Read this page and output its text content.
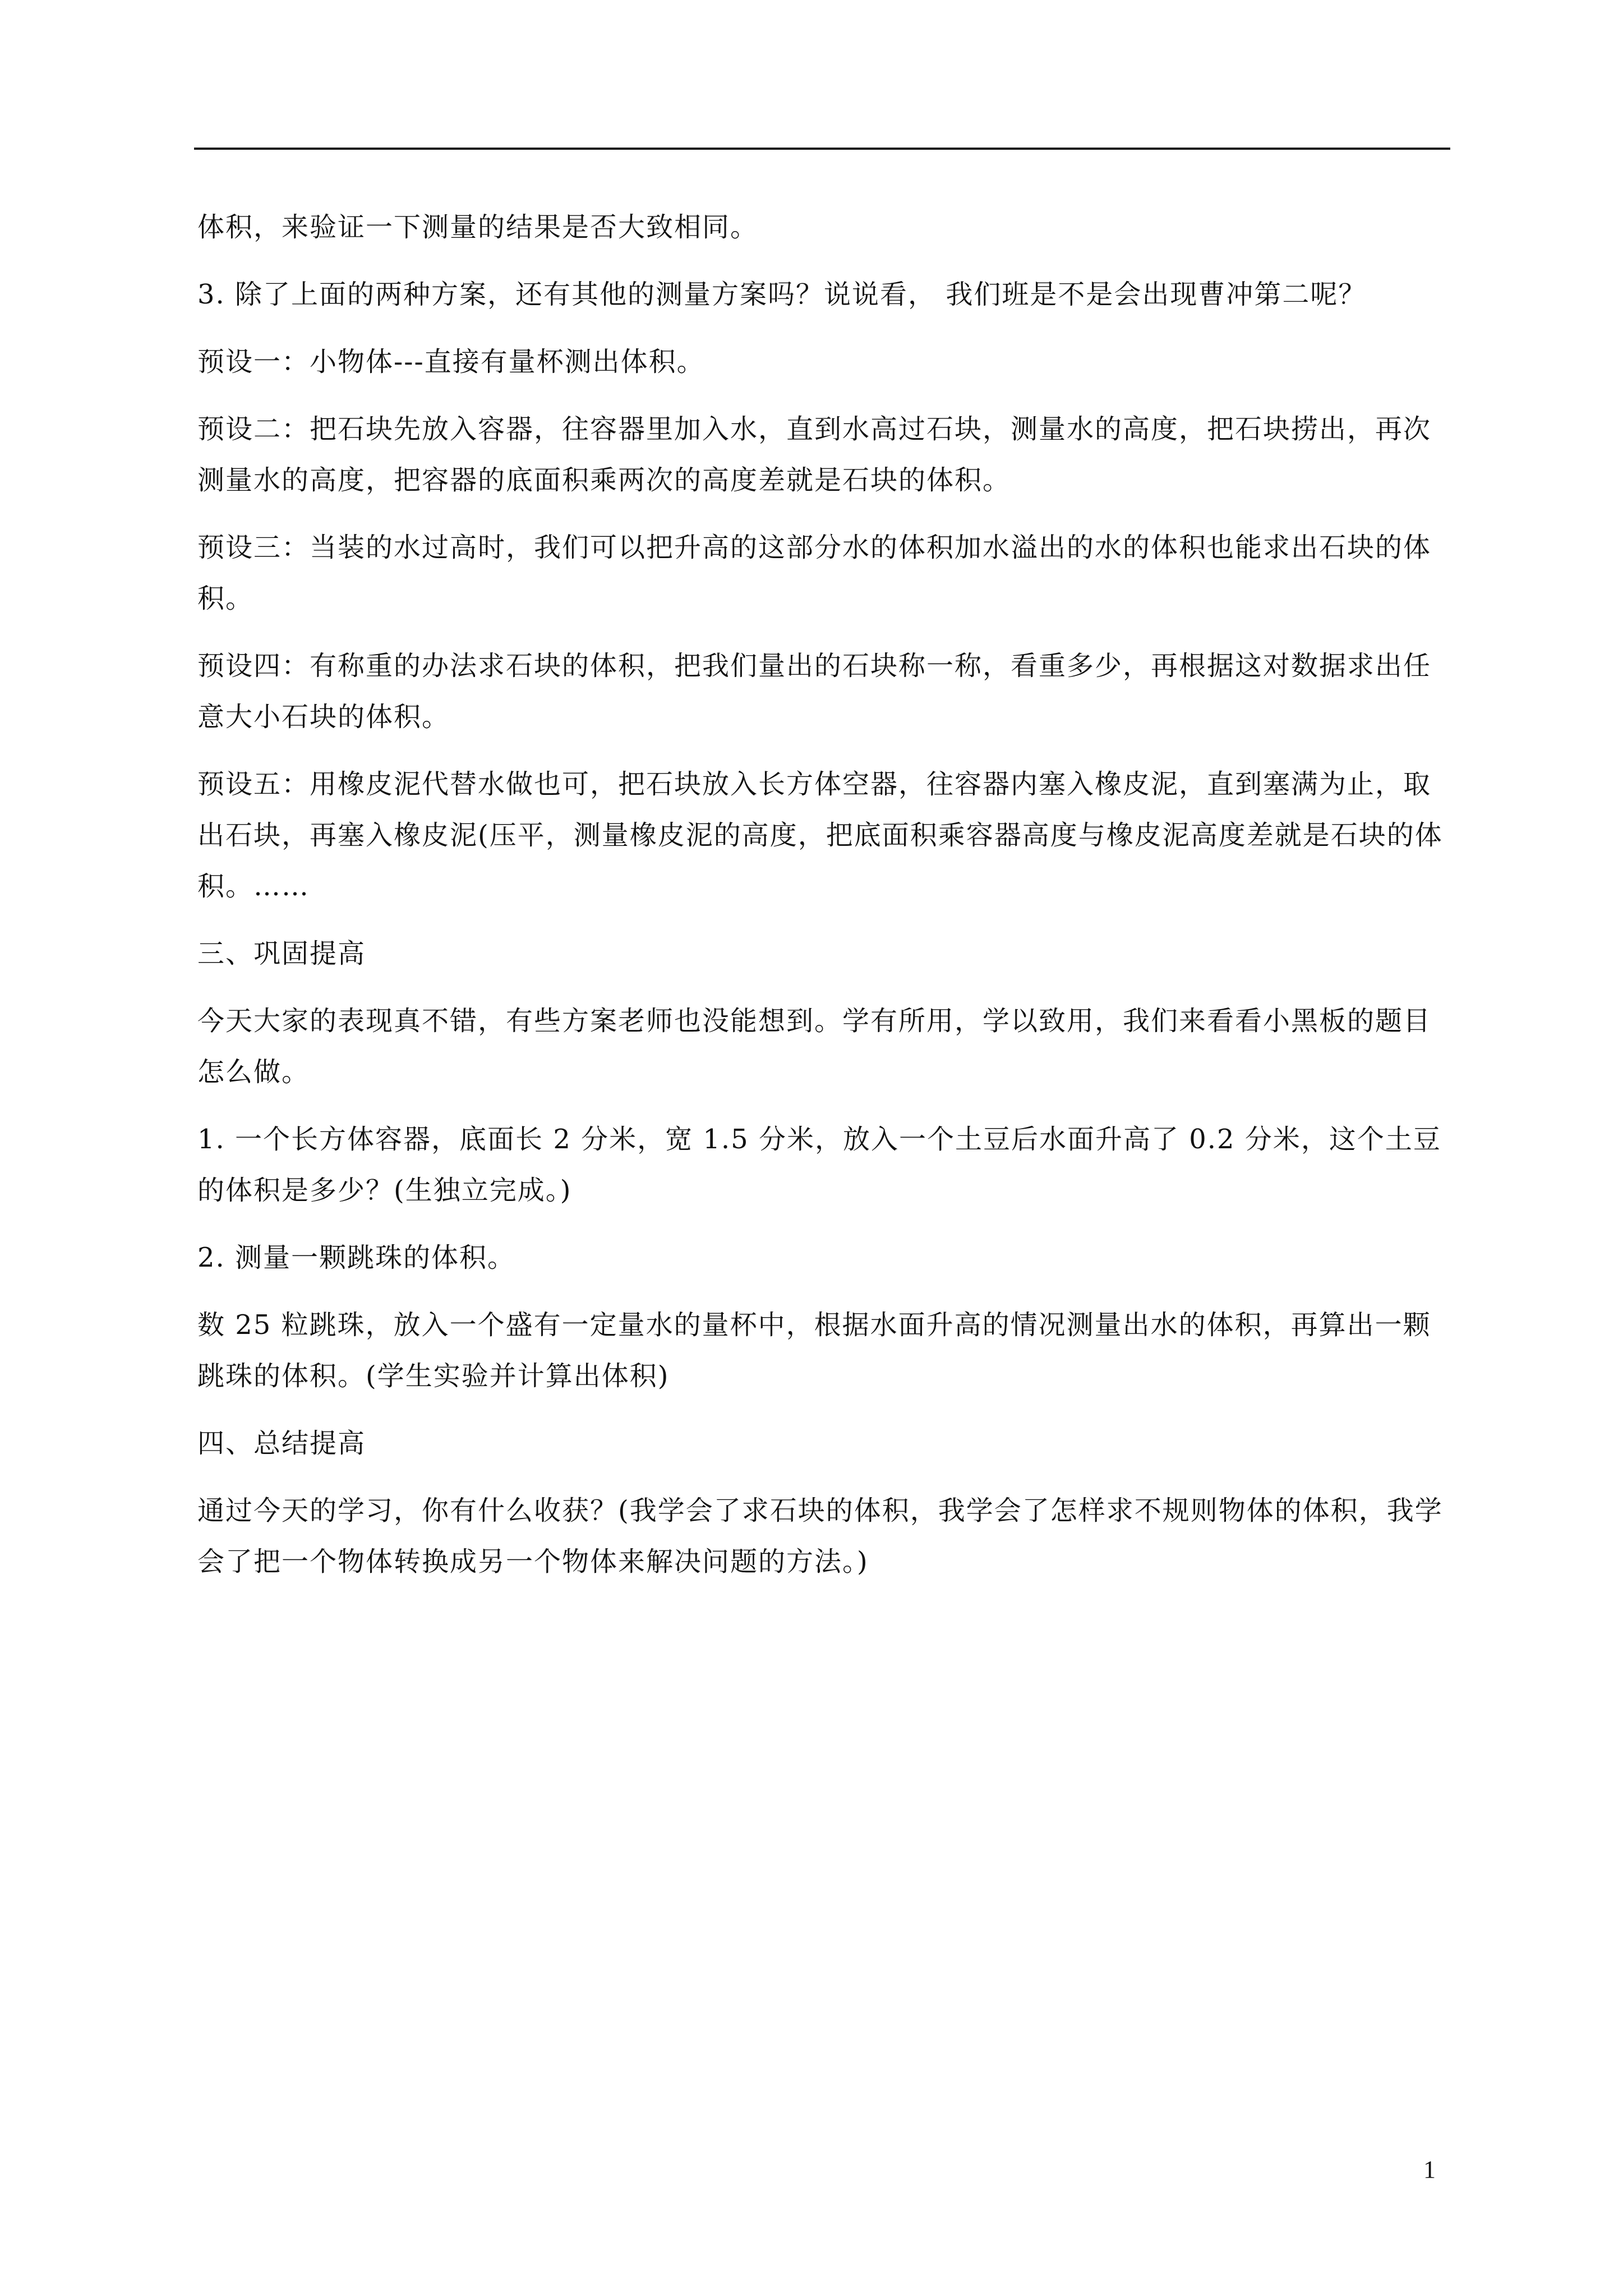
体积，来验证一下测量的结果是否大致相同。

3. 除了上面的两种方案，还有其他的测量方案吗？说说看， 我们班是不是会出现曹冲第二呢？

预设一：小物体---直接有量杯测出体积。

预设二：把石块先放入容器，往容器里加入水，直到水高过石块，测量水的高度，把石块捞出，再次测量水的高度，把容器的底面积乘两次的高度差就是石块的体积。

预设三：当装的水过高时，我们可以把升高的这部分水的体积加水溢出的水的体积也能求出石块的体积。

预设四：有称重的办法求石块的体积，把我们量出的石块称一称，看重多少，再根据这对数据求出任意大小石块的体积。

预设五：用橡皮泥代替水做也可，把石块放入长方体空器，往容器内塞入橡皮泥，直到塞满为止，取出石块，再塞入橡皮泥(压平，测量橡皮泥的高度，把底面积乘容器高度与橡皮泥高度差就是石块的体积。……

三、巩固提高

今天大家的表现真不错，有些方案老师也没能想到。学有所用，学以致用，我们来看看小黑板的题目怎么做。

1. 一个长方体容器，底面长 2 分米，宽 1.5 分米，放入一个土豆后水面升高了 0.2 分米，这个土豆的体积是多少？(生独立完成。)

2. 测量一颗跳珠的体积。

数 25 粒跳珠，放入一个盛有一定量水的量杯中，根据水面升高的情况测量出水的体积，再算出一颗跳珠的体积。(学生实验并计算出体积)

四、总结提高

通过今天的学习，你有什么收获？(我学会了求石块的体积，我学会了怎样求不规则物体的体积，我学会了把一个物体转换成另一个物体来解决问题的方法。)

1
